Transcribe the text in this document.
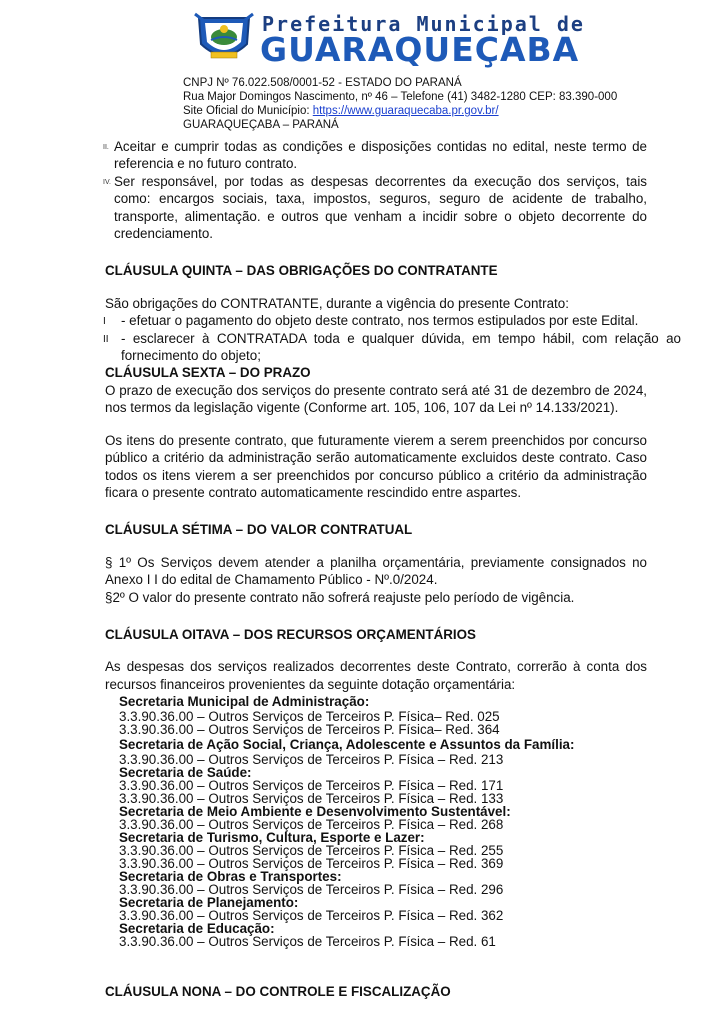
Prefeitura Municipal de
GUARAQUEÇABA
CNPJ Nº 76.022.508/0001-52 - ESTADO DO PARANÁ
Rua Major Domingos Nascimento, nº 46 – Telefone (41) 3482-1280 CEP: 83.390-000
Site Oficial do Município: https://www.guaraquecaba.pr.gov.br/
GUARAQUEÇABA – PARANÁ
II. Aceitar e cumprir todas as condições e disposições contidas no edital, neste termo de referencia e no futuro contrato.
IV. Ser responsável, por todas as despesas decorrentes da execução dos serviços, tais como: encargos sociais, taxa, impostos, seguros, seguro de acidente de trabalho, transporte, alimentação. e outros que venham a incidir sobre o objeto decorrente do credenciamento.

CLÁUSULA QUINTA – DAS OBRIGAÇÕES DO CONTRATANTE

São obrigações do CONTRATANTE, durante a vigência do presente Contrato:

I - efetuar o pagamento do objeto deste contrato, nos termos estipulados por este Edital.
II - esclarecer à CONTRATADA toda e qualquer dúvida, em tempo hábil, com relação ao fornecimento do objeto;

CLÁUSULA SEXTA – DO PRAZO

O prazo de execução dos serviços do presente contrato será até 31 de dezembro de 2024, nos termos da legislação vigente (Conforme art. 105, 106, 107 da Lei nº 14.133/2021).

Os itens do presente contrato, que futuramente vierem a serem preenchidos por concurso público a critério da administração serão automaticamente excluidos deste contrato. Caso todos os itens vierem a ser preenchidos por concurso público a critério da administração ficara o presente contrato automaticamente rescindido entre aspartes.

CLÁUSULA SÉTIMA – DO VALOR CONTRATUAL

§ 1º Os Serviços devem atender a planilha orçamentária, previamente consignados no Anexo I I do edital de Chamamento Público - Nº.0/2024.

§2º O valor do presente contrato não sofrerá reajuste pelo período de vigência.

CLÁUSULA OITAVA – DOS RECURSOS ORÇAMENTÁRIOS

As despesas dos serviços realizados decorrentes deste Contrato, correrão à conta dos recursos financeiros provenientes da seguinte dotação orçamentária:

Secretaria Municipal de Administração:

3.3.90.36.00 – Outros Serviços de Terceiros P. Física– Red. 025

3.3.90.36.00 – Outros Serviços de Terceiros P. Física– Red. 364

Secretaria de Ação Social, Criança, Adolescente e Assuntos da Família:

3.3.90.36.00 – Outros Serviços de Terceiros P. Física – Red. 213

Secretaria de Saúde:

3.3.90.36.00 – Outros Serviços de Terceiros P. Física – Red. 171

3.3.90.36.00 – Outros Serviços de Terceiros P. Física – Red. 133

Secretaria de Meio Ambiente e Desenvolvimento Sustentável:

3.3.90.36.00 – Outros Serviços de Terceiros P. Física – Red. 268

Secretaria de Turismo, Cultura, Esporte e Lazer:

3.3.90.36.00 – Outros Serviços de Terceiros P. Física – Red. 255

3.3.90.36.00 – Outros Serviços de Terceiros P. Física – Red. 369

Secretaria de Obras e Transportes:

3.3.90.36.00 – Outros Serviços de Terceiros P. Física – Red. 296

Secretaria de Planejamento:

3.3.90.36.00 – Outros Serviços de Terceiros P. Física – Red. 362

Secretaria de Educação:

3.3.90.36.00 – Outros Serviços de Terceiros P. Física – Red. 61

CLÁUSULA NONA – DO CONTROLE E FISCALIZAÇÃO
